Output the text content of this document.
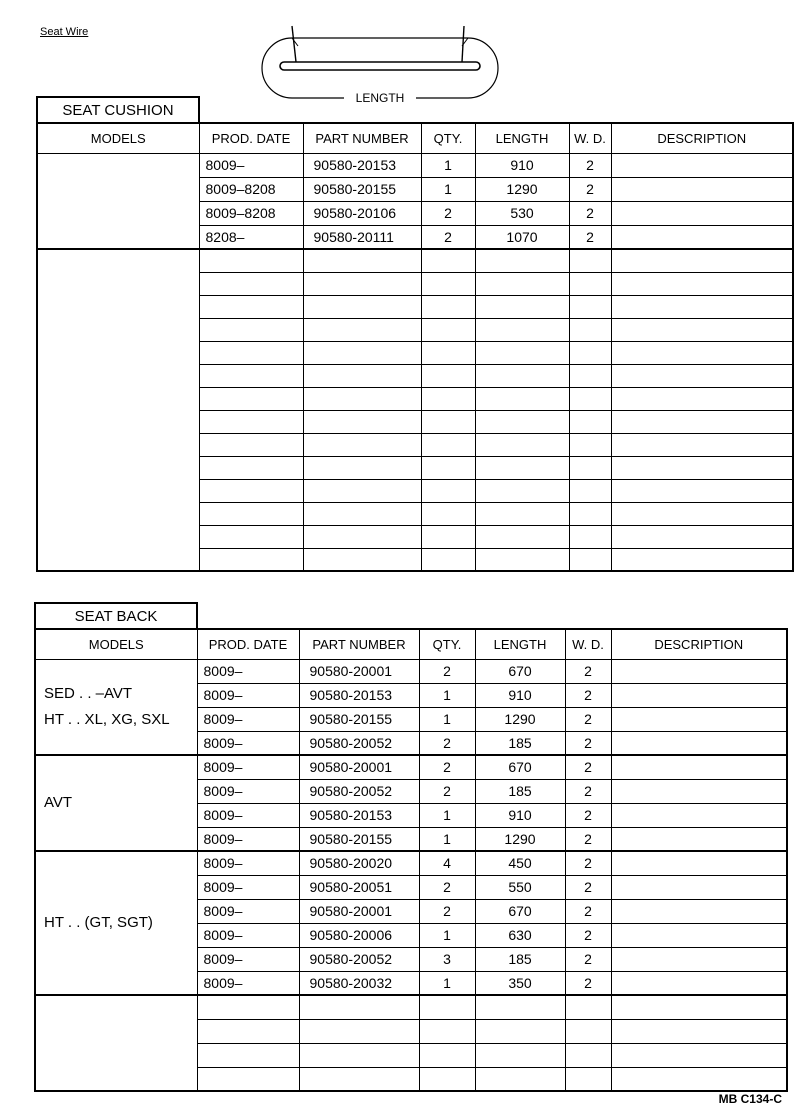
Seat Wire
LENGTH
SEAT CUSHION
MODELS	PROD. DATE	PART NUMBER	QTY.	LENGTH	W. D.	DESCRIPTION
	8009–	90580-20153	1	910	2	
	8009–8208	90580-20155	1	1290	2	
	8009–8208	90580-20106	2	530	2	
	8208–	90580-20111	2	1070	2	

SEAT BACK
MODELS	PROD. DATE	PART NUMBER	QTY.	LENGTH	W. D.	DESCRIPTION

SED . . –AVT
HT . . XL, XG, SXL	8009–	90580-20001	2	670	2	
	8009–	90580-20153	1	910	2	
	8009–	90580-20155	1	1290	2	
	8009–	90580-20052	2	185	2	

AVT	8009–	90580-20001	2	670	2	
	8009–	90580-20052	2	185	2	
	8009–	90580-20153	1	910	2	
	8009–	90580-20155	1	1290	2	

HT . . (GT, SGT)	8009–	90580-20020	4	450	2	
	8009–	90580-20051	2	550	2	
	8009–	90580-20001	2	670	2	
	8009–	90580-20006	1	630	2	
	8009–	90580-20052	3	185	2	
	8009–	90580-20032	1	350	2	

MB C134-C
